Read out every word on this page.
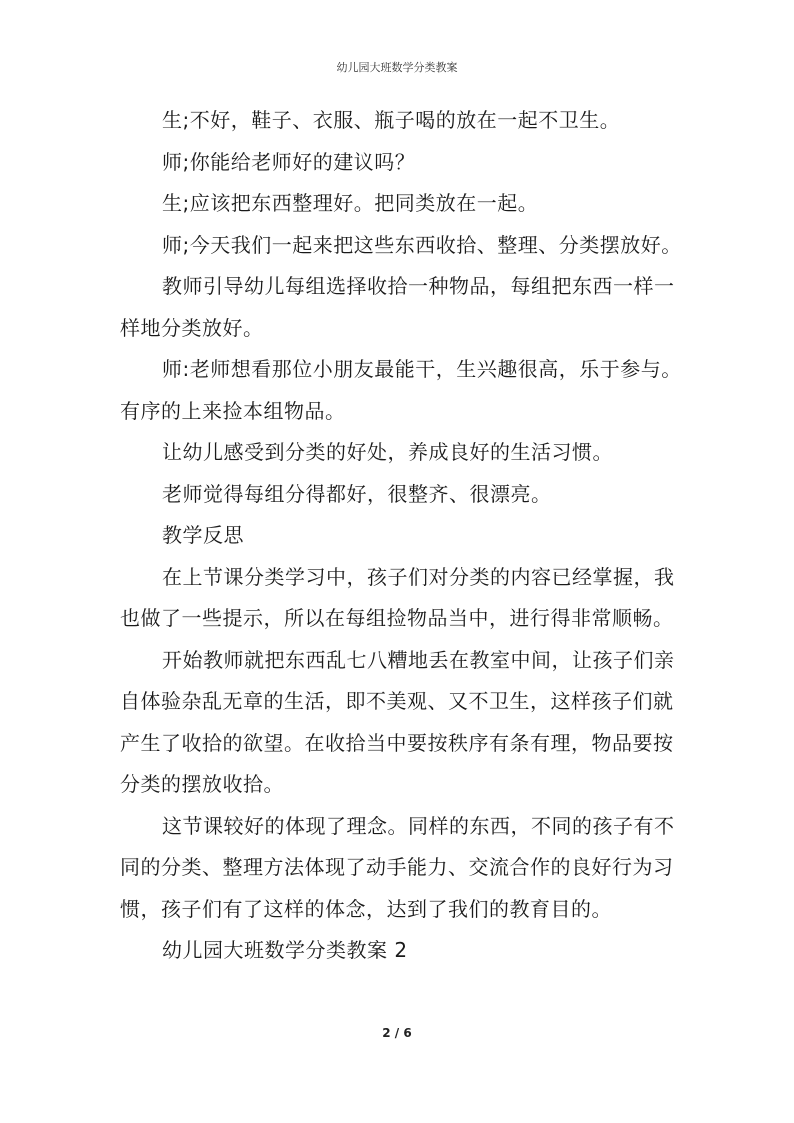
幼儿园大班数学分类教案

生;不好，鞋子、衣服、瓶子喝的放在一起不卫生。

师;你能给老师好的建议吗？

生;应该把东西整理好。把同类放在一起。

师;今天我们一起来把这些东西收拾、整理、分类摆放好。

教师引导幼儿每组选择收拾一种物品，每组把东西一样一样地分类放好。

师:老师想看那位小朋友最能干，生兴趣很高，乐于参与。有序的上来捡本组物品。

让幼儿感受到分类的好处，养成良好的生活习惯。

老师觉得每组分得都好，很整齐、很漂亮。

教学反思

在上节课分类学习中，孩子们对分类的内容已经掌握，我也做了一些提示，所以在每组捡物品当中，进行得非常顺畅。

开始教师就把东西乱七八糟地丢在教室中间，让孩子们亲自体验杂乱无章的生活，即不美观、又不卫生，这样孩子们就产生了收拾的欲望。在收拾当中要按秩序有条有理，物品要按分类的摆放收拾。

这节课较好的体现了理念。同样的东西，不同的孩子有不同的分类、整理方法体现了动手能力、交流合作的良好行为习惯，孩子们有了这样的体念，达到了我们的教育目的。

幼儿园大班数学分类教案 2

2 / 6
